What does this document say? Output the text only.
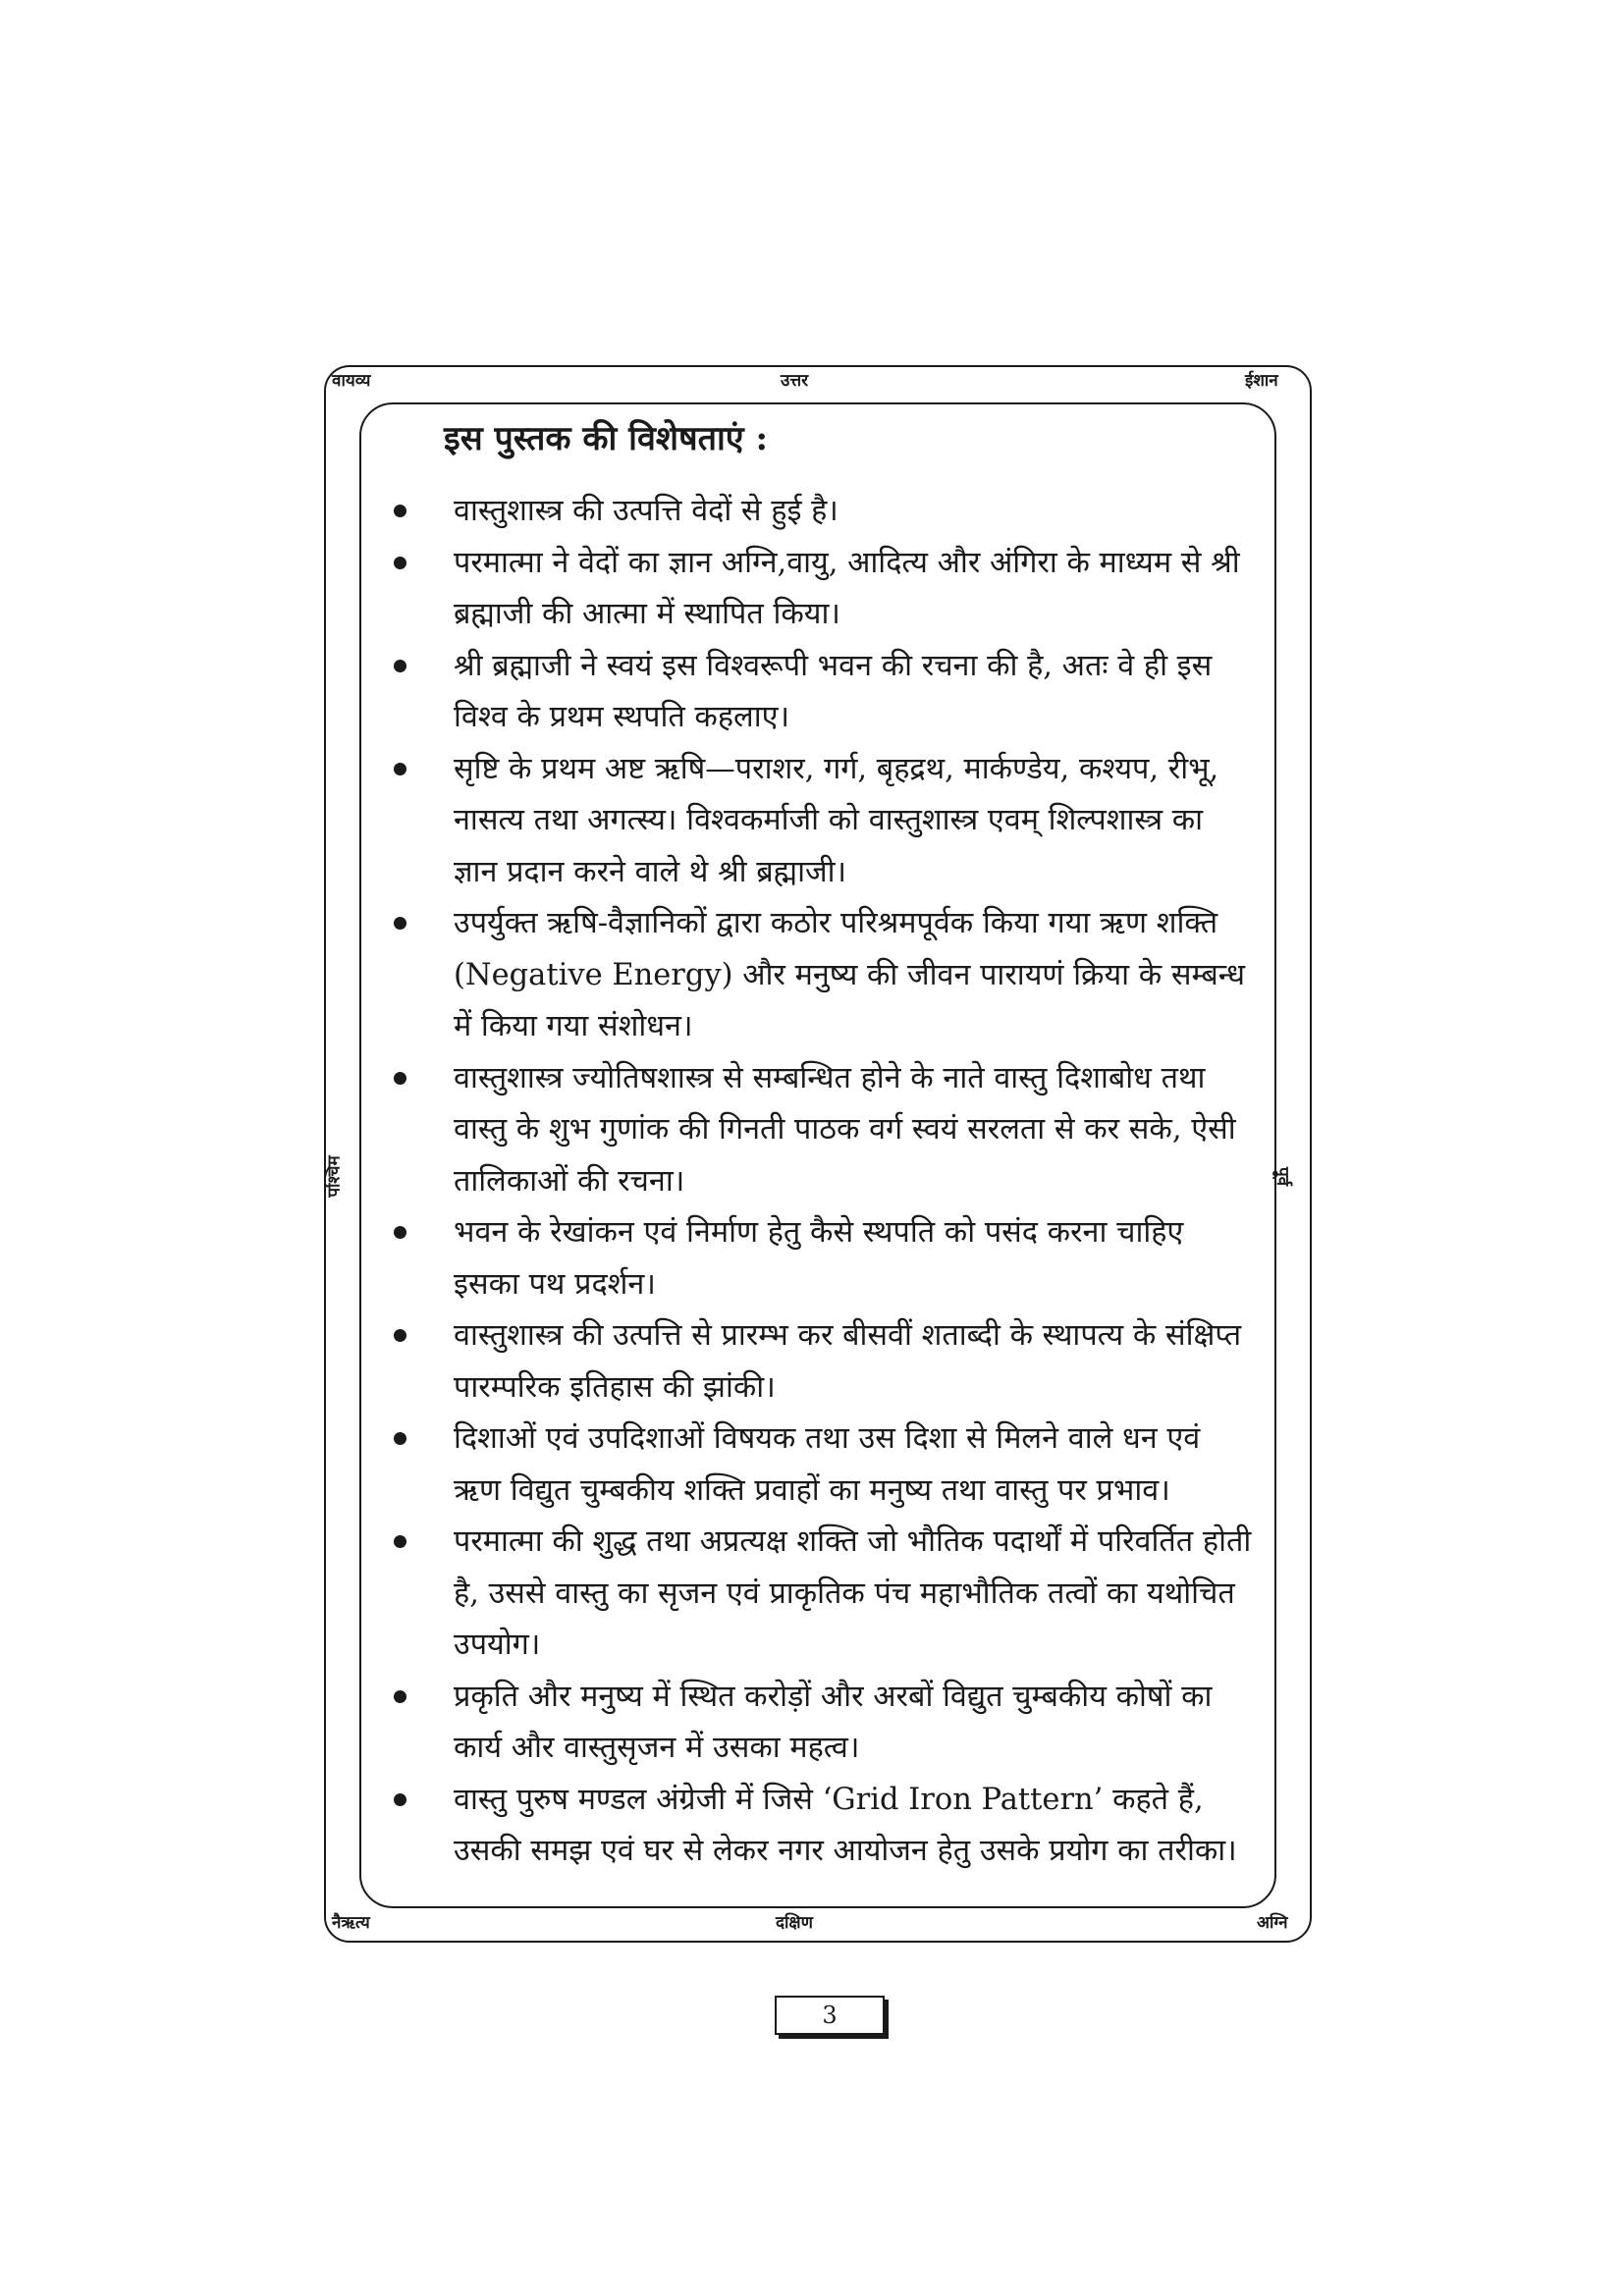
वायव्य	उत्तर	ईशान
पश्चिम	पूर्व
नैऋत्य	दक्षिण	अग्नि
इस पुस्तक की विशेषताएं :
वास्तुशास्त्र की उत्पत्ति वेदों से हुई है।
परमात्मा ने वेदों का ज्ञान अग्नि,वायु, आदित्य और अंगिरा के माध्यम से श्री ब्रह्माजी की आत्मा में स्थापित किया।
श्री ब्रह्माजी ने स्वयं इस विश्वरूपी भवन की रचना की है, अतः वे ही इस विश्व के प्रथम स्थपति कहलाए।
सृष्टि के प्रथम अष्ट ऋषि—पराशर, गर्ग, बृहद्रथ, मार्कण्डेय, कश्यप, रीभू, नासत्य तथा अगत्स्य। विश्वकर्माजी को वास्तुशास्त्र एवम् शिल्पशास्त्र का ज्ञान प्रदान करने वाले थे श्री ब्रह्माजी।
उपर्युक्त ऋषि-वैज्ञानिकों द्वारा कठोर परिश्रमपूर्वक किया गया ऋण शक्ति (Negative Energy) और मनुष्य की जीवन पारायणं क्रिया के सम्बन्ध में किया गया संशोधन।
वास्तुशास्त्र ज्योतिषशास्त्र से सम्बन्धित होने के नाते वास्तु दिशाबोध तथा वास्तु के शुभ गुणांक की गिनती पाठक वर्ग स्वयं सरलता से कर सके, ऐसी तालिकाओं की रचना।
भवन के रेखांकन एवं निर्माण हेतु कैसे स्थपति को पसंद करना चाहिए इसका पथ प्रदर्शन।
वास्तुशास्त्र की उत्पत्ति से प्रारम्भ कर बीसवीं शताब्दी के स्थापत्य के संक्षिप्त पारम्परिक इतिहास की झांकी।
दिशाओं एवं उपदिशाओं विषयक तथा उस दिशा से मिलने वाले धन एवं ऋण विद्युत चुम्बकीय शक्ति प्रवाहों का मनुष्य तथा वास्तु पर प्रभाव।
परमात्मा की शुद्ध तथा अप्रत्यक्ष शक्ति जो भौतिक पदार्थों में परिवर्तित होती है, उससे वास्तु का सृजन एवं प्राकृतिक पंच महाभौतिक तत्वों का यथोचित उपयोग।
प्रकृति और मनुष्य में स्थित करोड़ों और अरबों विद्युत चुम्बकीय कोषों का कार्य और वास्तुसृजन में उसका महत्व।
वास्तु पुरुष मण्डल अंग्रेजी में जिसे ‘Grid Iron Pattern’ कहते हैं, उसकी समझ एवं घर से लेकर नगर आयोजन हेतु उसके प्रयोग का तरीका।
3
